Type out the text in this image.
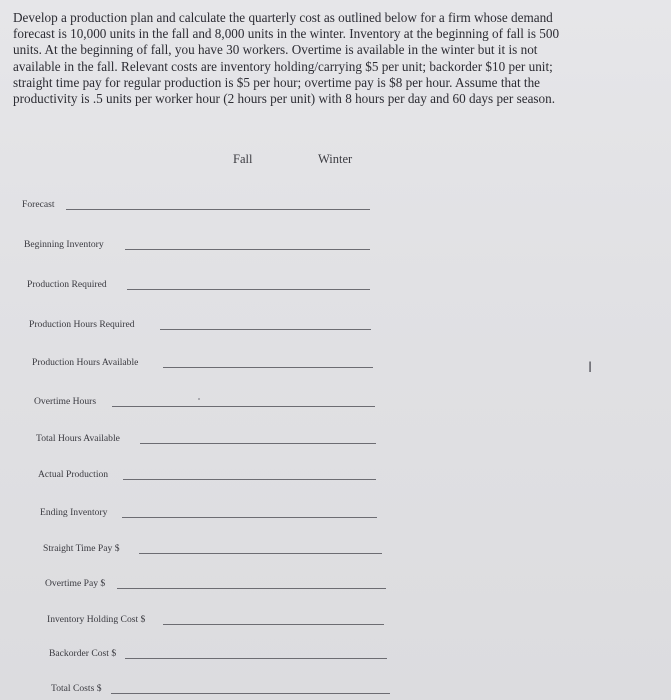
Develop a production plan and calculate the quarterly cost as outlined below for a firm whose demand

forecast is 10,000 units in the fall and 8,000 units in the winter. Inventory at the beginning of fall is 500

units. At the beginning of fall, you have 30 workers. Overtime is available in the winter but it is not

available in the fall. Relevant costs are inventory holding/carrying $5 per unit; backorder $10 per unit;

straight time pay for regular production is $5 per hour; overtime pay is $8 per hour. Assume that the

productivity is .5 units per worker hour (2 hours per unit) with 8 hours per day and 60 days per season.

Fall	Winter
Forecast
Beginning Inventory
Production Required
Production Hours Required
Production Hours Available
Overtime Hours
Total Hours Available
Actual Production
Ending Inventory
Straight Time Pay $
Overtime Pay $
Inventory Holding Cost $
Backorder Cost $
Total Costs $
I
